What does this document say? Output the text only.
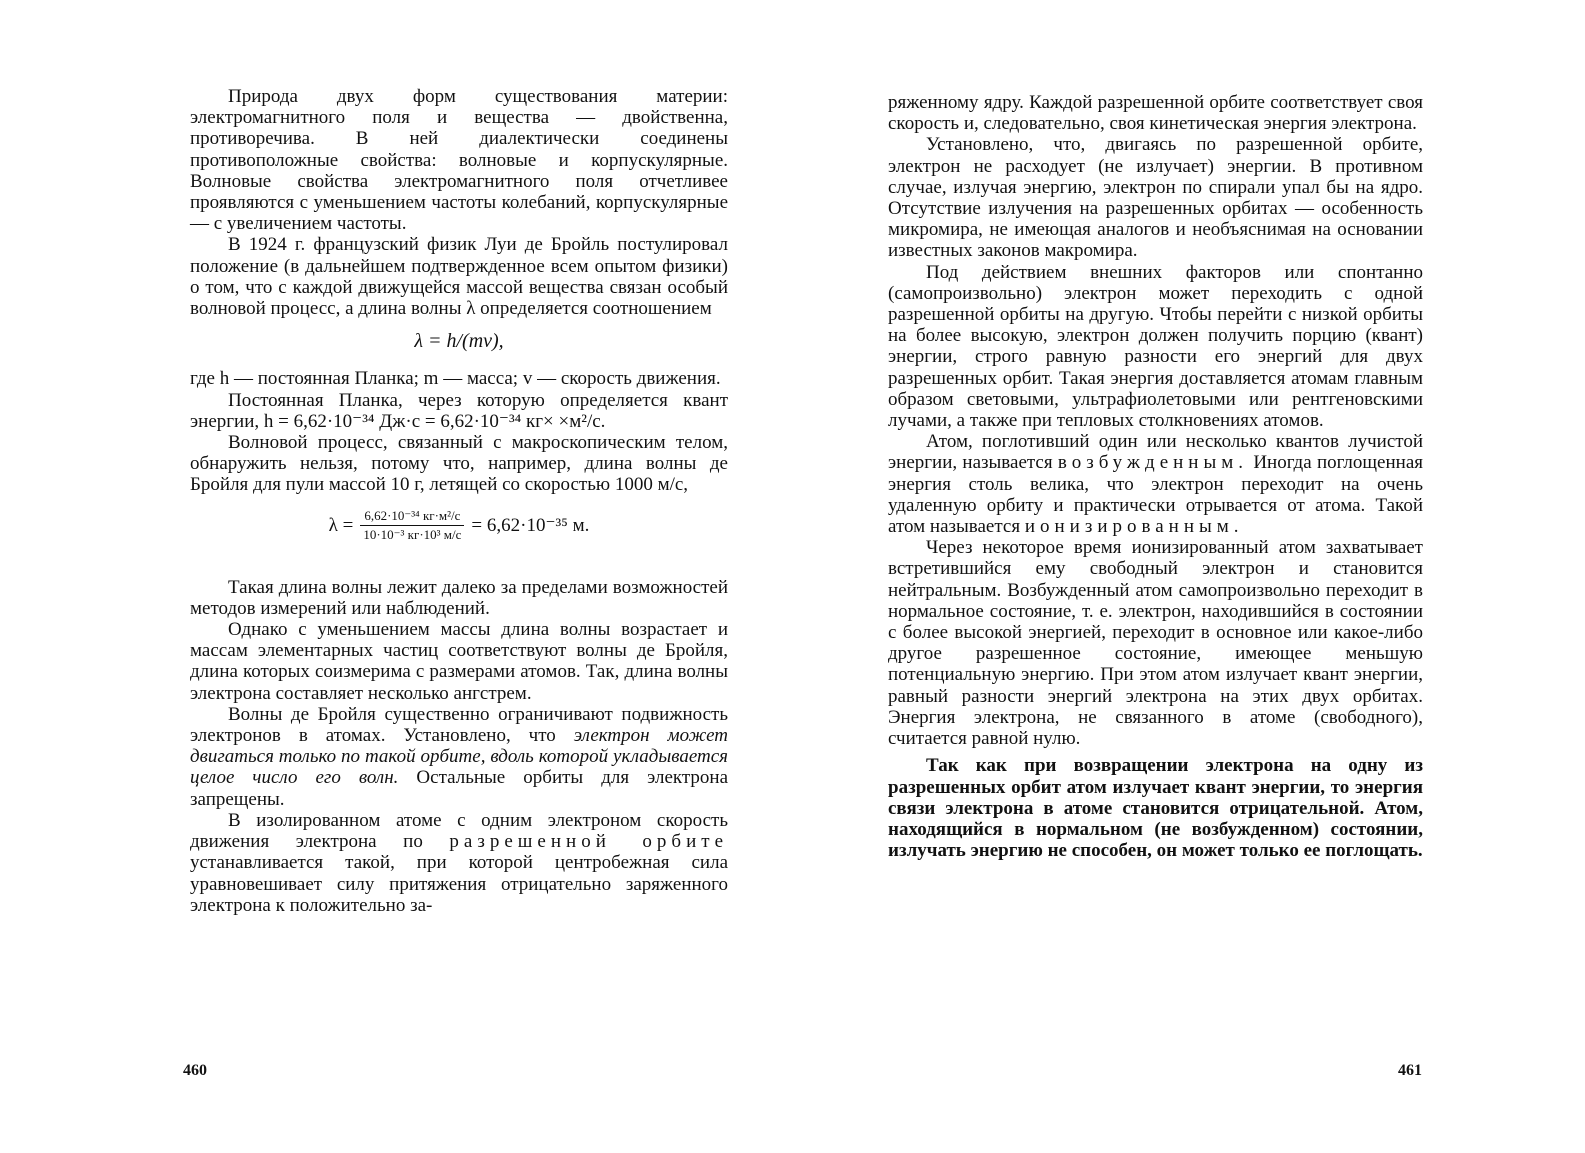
Природа двух форм существования материи: электромагнитного поля и вещества — двойственна, противоречива. В ней диалектически соединены противоположные свойства: волновые и корпускулярные. Волновые свойства электромагнитного поля отчетливее проявляются с уменьшением частоты колебаний, корпускулярные — с увеличением частоты.

В 1924 г. французский физик Луи де Бройль постулировал положение (в дальнейшем подтвержденное всем опытом физики) о том, что с каждой движущейся массой вещества связан особый волновой процесс, а длина волны λ определяется соотношением

λ = h/(mv),

где h — постоянная Планка; m — масса; v — скорость движения.

Постоянная Планка, через которую определяется квант энергии, h = 6,62·10⁻³⁴ Дж·с = 6,62·10⁻³⁴ кг× ×м²/с.

Волновой процесс, связанный с макроскопическим телом, обнаружить нельзя, потому что, например, длина волны де Бройля для пули массой 10 г, летящей со скоростью 1000 м/с,

$\lambda = \frac{\text{6,62·10⁻³⁴ кг·м²/с}}{\text{10·10⁻³ кг·10³ м/с}} = 6,62\cdot 10^{-35}$ м.

Такая длина волны лежит далеко за пределами возможностей методов измерений или наблюдений.

Однако с уменьшением массы длина волны возрастает и массам элементарных частиц соответствуют волны де Бройля, длина которых соизмерима с размерами атомов. Так, длина волны электрона составляет несколько ангстрем.

Волны де Бройля существенно ограничивают подвижность электронов в атомах. Установлено, что электрон может двигаться только по такой орбите, вдоль которой укладывается целое число его волн. Остальные орбиты для электрона запрещены.

В изолированном атоме с одним электроном скорость движения электрона по разрешенной орбите устанавливается такой, при которой центробежная сила уравновешивает силу притяжения отрицательно заряженного электрона к положительно за-

460

ряженному ядру. Каждой разрешенной орбите соответствует своя скорость и, следовательно, своя кинетическая энергия электрона.

Установлено, что, двигаясь по разрешенной орбите, электрон не расходует (не излучает) энергии. В противном случае, излучая энергию, электрон по спирали упал бы на ядро. Отсутствие излучения на разрешенных орбитах — особенность микромира, не имеющая аналогов и необъяснимая на основании известных законов макромира.

Под действием внешних факторов или спонтанно (самопроизвольно) электрон может переходить с одной разрешенной орбиты на другую. Чтобы перейти с низкой орбиты на более высокую, электрон должен получить порцию (квант) энергии, строго равную разности его энергий для двух разрешенных орбит. Такая энергия доставляется атомам главным образом световыми, ультрафиолетовыми или рентгеновскими лучами, а также при тепловых столкновениях атомов.

Атом, поглотивший один или несколько квантов лучистой энергии, называется возбужденным. Иногда поглощенная энергия столь велика, что электрон переходит на очень удаленную орбиту и практически отрывается от атома. Такой атом называется ионизированным.

Через некоторое время ионизированный атом захватывает встретившийся ему свободный электрон и становится нейтральным. Возбужденный атом самопроизвольно переходит в нормальное состояние, т. е. электрон, находившийся в состоянии с более высокой энергией, переходит в основное или какое-либо другое разрешенное состояние, имеющее меньшую потенциальную энергию. При этом атом излучает квант энергии, равный разности энергий электрона на этих двух орбитах. Энергия электрона, не связанного в атоме (свободного), считается равной нулю.

Так как при возвращении электрона на одну из разрешенных орбит атом излучает квант энергии, то энергия связи электрона в атоме становится отрицательной. Атом, находящийся в нормальном (не возбужденном) состоянии, излучать энергию не способен, он может только ее поглощать.

461
